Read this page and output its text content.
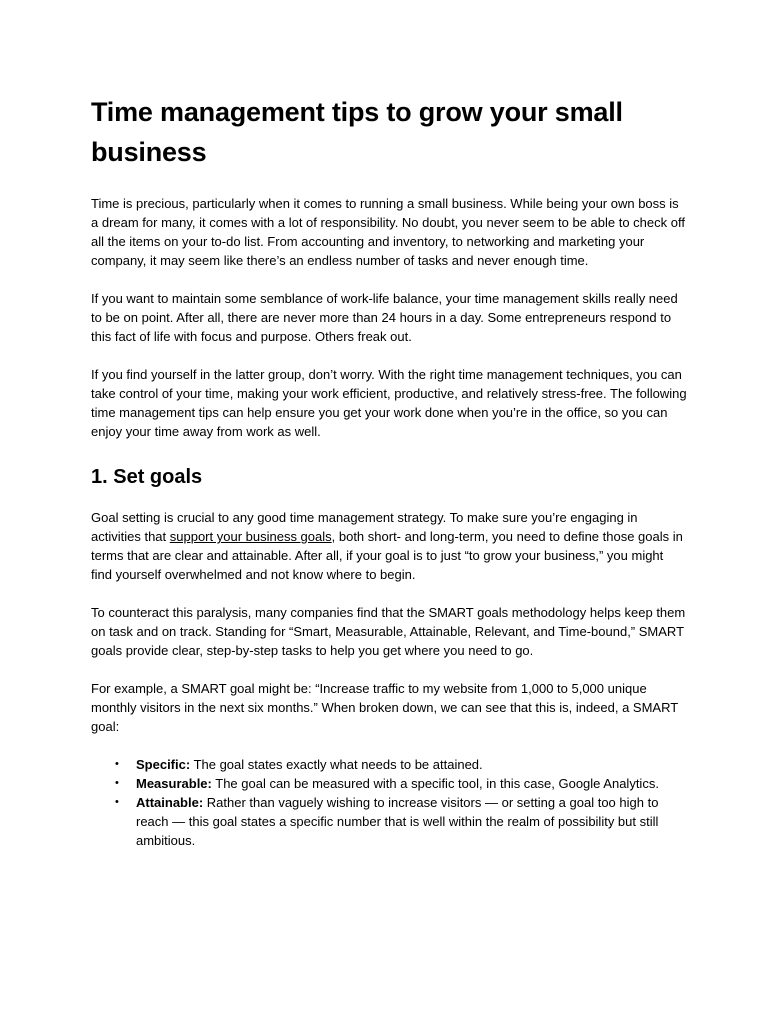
Time management tips to grow your small business

Time is precious, particularly when it comes to running a small business. While being your own boss is a dream for many, it comes with a lot of responsibility. No doubt, you never seem to be able to check off all the items on your to-do list. From accounting and inventory, to networking and marketing your company, it may seem like there’s an endless number of tasks and never enough time.

If you want to maintain some semblance of work-life balance, your time management skills really need to be on point. After all, there are never more than 24 hours in a day. Some entrepreneurs respond to this fact of life with focus and purpose. Others freak out.

If you find yourself in the latter group, don’t worry. With the right time management techniques, you can take control of your time, making your work efficient, productive, and relatively stress-free. The following time management tips can help ensure you get your work done when you’re in the office, so you can enjoy your time away from work as well.

1. Set goals

Goal setting is crucial to any good time management strategy. To make sure you’re engaging in activities that support your business goals, both short- and long-term, you need to define those goals in terms that are clear and attainable. After all, if your goal is to just “to grow your business,” you might find yourself overwhelmed and not know where to begin.

To counteract this paralysis, many companies find that the SMART goals methodology helps keep them on task and on track. Standing for “Smart, Measurable, Attainable, Relevant, and Time-bound,” SMART goals provide clear, step-by-step tasks to help you get where you need to go.

For example, a SMART goal might be: “Increase traffic to my website from 1,000 to 5,000 unique monthly visitors in the next six months.” When broken down, we can see that this is, indeed, a SMART goal:

• Specific: The goal states exactly what needs to be attained.
• Measurable: The goal can be measured with a specific tool, in this case, Google Analytics.
• Attainable: Rather than vaguely wishing to increase visitors — or setting a goal too high to reach — this goal states a specific number that is well within the realm of possibility but still ambitious.
